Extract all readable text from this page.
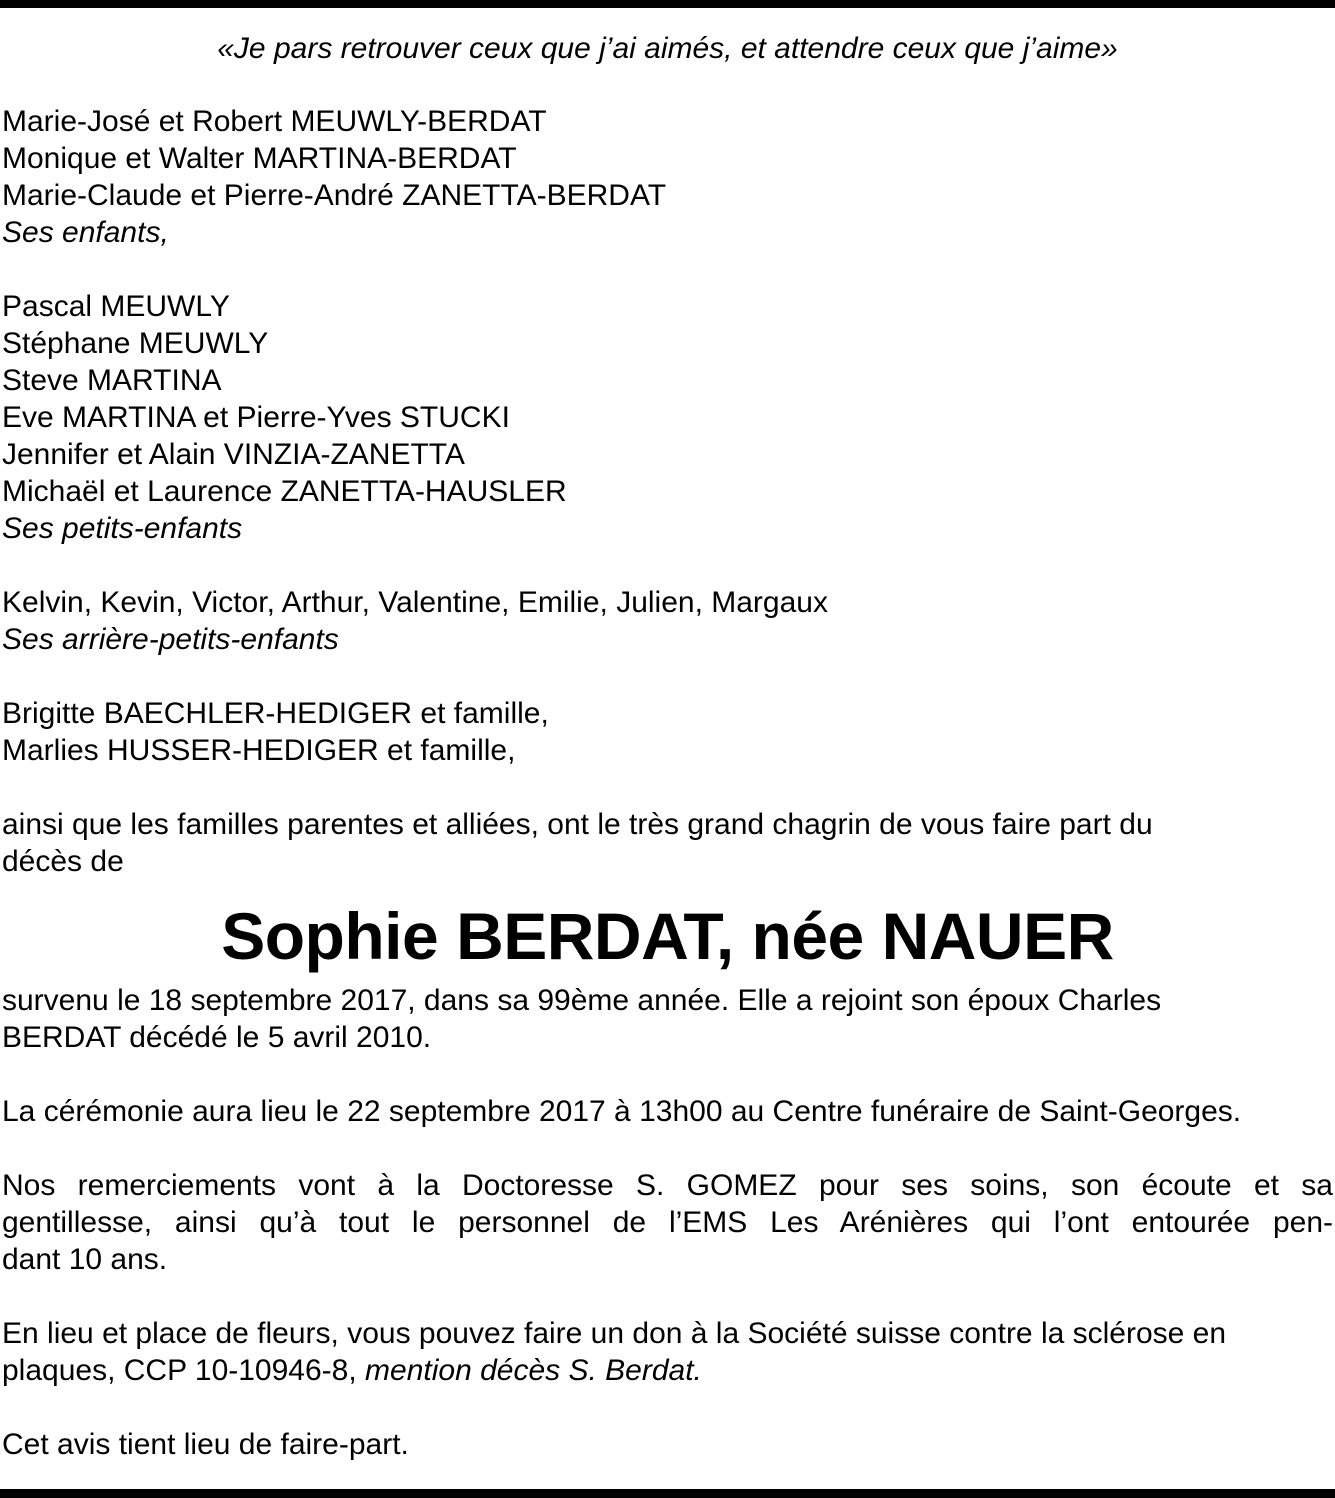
«Je pars retrouver ceux que j’ai aimés, et attendre ceux que j’aime»

Marie-José et Robert MEUWLY-BERDAT

Monique et Walter MARTINA-BERDAT

Marie-Claude et Pierre-André ZANETTA-BERDAT

Ses enfants,

Pascal MEUWLY

Stéphane MEUWLY

Steve MARTINA

Eve MARTINA et Pierre-Yves STUCKI

Jennifer et Alain VINZIA-ZANETTA

Michaël et Laurence ZANETTA-HAUSLER

Ses petits-enfants

Kelvin, Kevin, Victor, Arthur, Valentine, Emilie, Julien, Margaux

Ses arrière-petits-enfants

Brigitte BAECHLER-HEDIGER et famille,

Marlies HUSSER-HEDIGER et famille,

ainsi que les familles parentes et alliées, ont le très grand chagrin de vous faire part du

décès de

Sophie BERDAT, née NAUER

survenu le 18 septembre 2017, dans sa 99ème année. Elle a rejoint son époux Charles

BERDAT décédé le 5 avril 2010.

La cérémonie aura lieu le 22 septembre 2017 à 13h00 au Centre funéraire de Saint-Georges.

Nos remerciements vont à la Doctoresse S. GOMEZ pour ses soins, son écoute et sa

gentillesse, ainsi qu’à tout le personnel de l’EMS Les Arénières qui l’ont entourée pen-

dant 10 ans.

En lieu et place de fleurs, vous pouvez faire un don à la Société suisse contre la sclérose en

plaques, CCP 10-10946-8, mention décès S. Berdat.

Cet avis tient lieu de faire-part.
